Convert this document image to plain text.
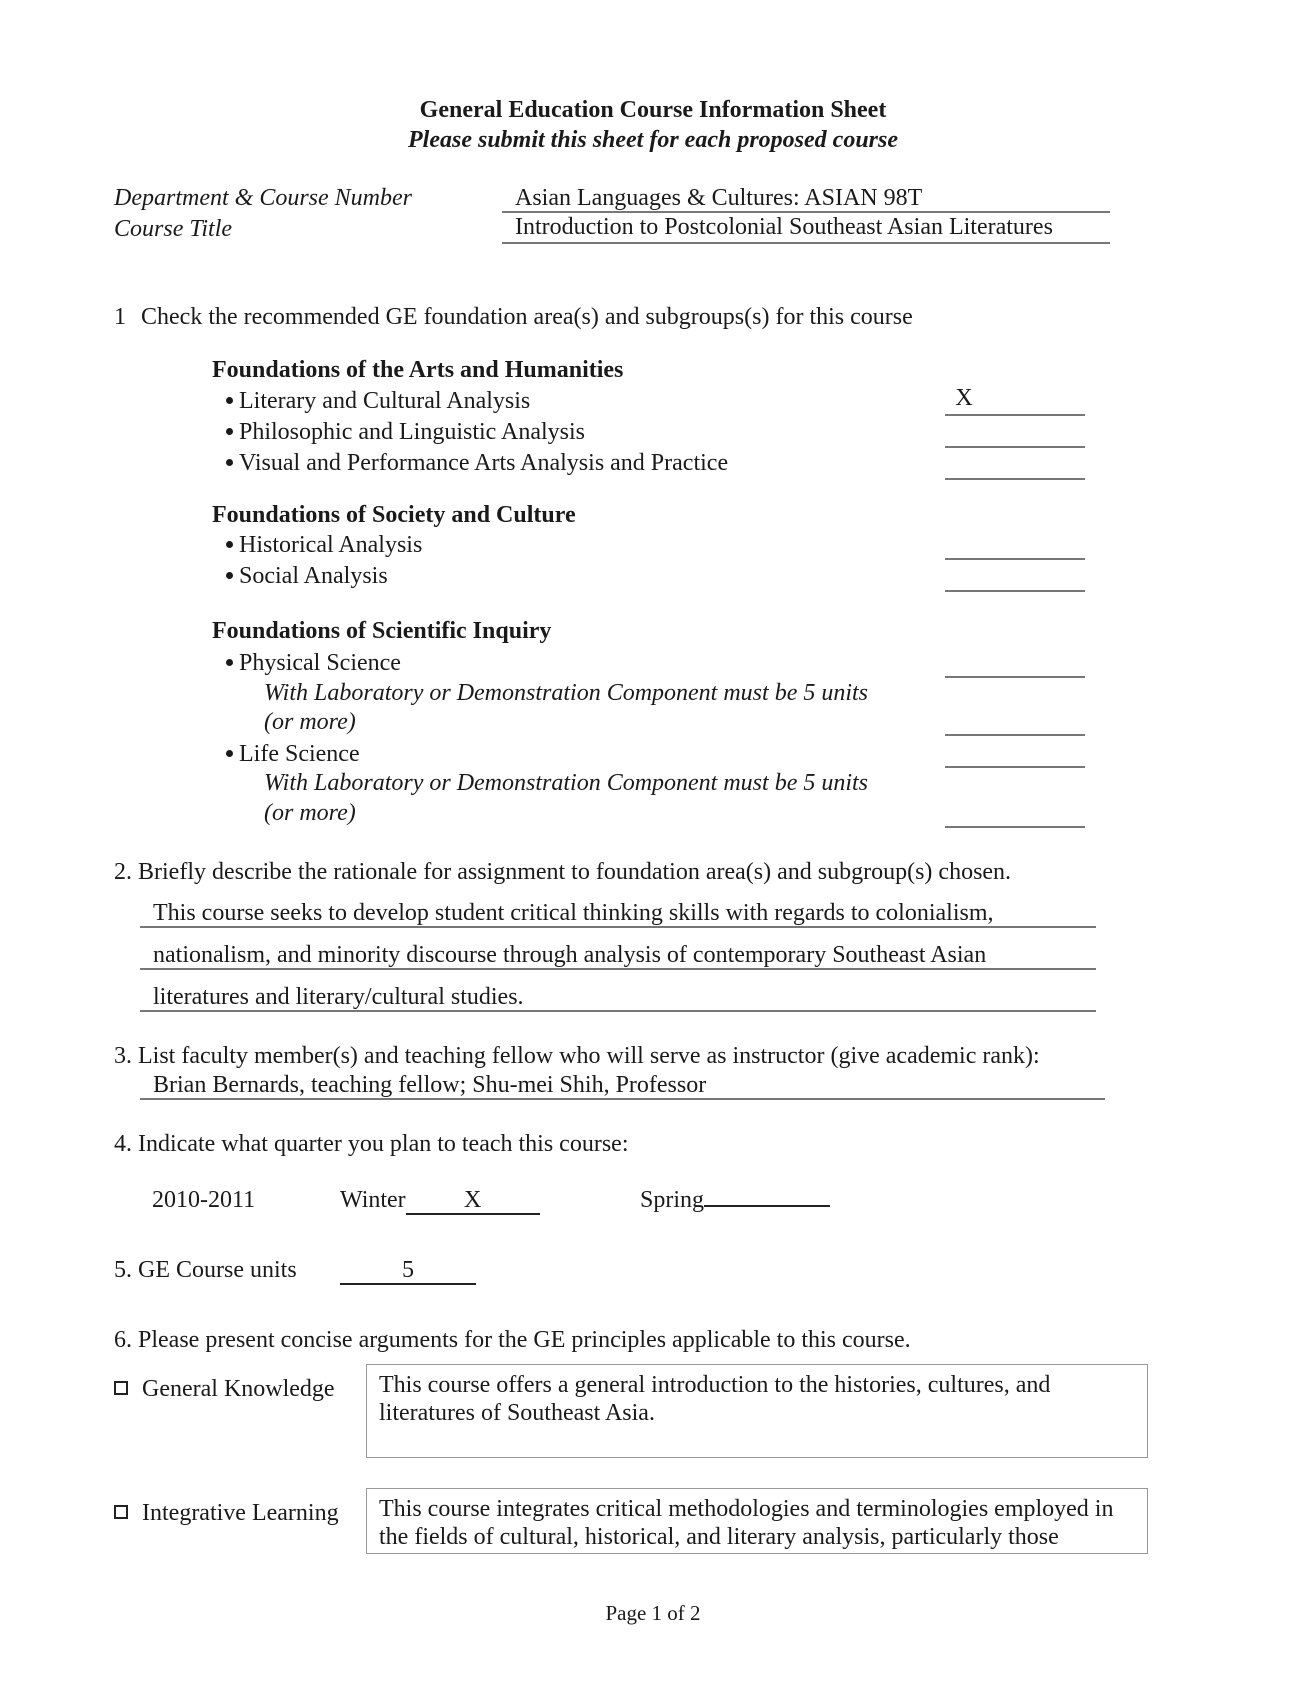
General Education Course Information Sheet
Please submit this sheet for each proposed course
Department & Course Number	Asian Languages & Cultures: ASIAN 98T
Course Title	Introduction to Postcolonial Southeast Asian Literatures
1 Check the recommended GE foundation area(s) and subgroups(s) for this course
Foundations of the Arts and Humanities
Literary and Cultural Analysis	X
Philosophic and Linguistic Analysis
Visual and Performance Arts Analysis and Practice
Foundations of Society and Culture
Historical Analysis
Social Analysis
Foundations of Scientific Inquiry
Physical Science
With Laboratory or Demonstration Component must be 5 units
(or more)
Life Science
With Laboratory or Demonstration Component must be 5 units
(or more)
2. Briefly describe the rationale for assignment to foundation area(s) and subgroup(s) chosen.
This course seeks to develop student critical thinking skills with regards to colonialism,
nationalism, and minority discourse through analysis of contemporary Southeast Asian
literatures and literary/cultural studies.
3. List faculty member(s) and teaching fellow who will serve as instructor (give academic rank):
Brian Bernards, teaching fellow; Shu-mei Shih, Professor
4. Indicate what quarter you plan to teach this course:
2010-2011	Winter X	Spring
5. GE Course units	5
6. Please present concise arguments for the GE principles applicable to this course.
General Knowledge	This course offers a general introduction to the histories, cultures, and literatures of Southeast Asia.
Integrative Learning	This course integrates critical methodologies and terminologies employed in the fields of cultural, historical, and literary analysis, particularly those
Page 1 of 2
